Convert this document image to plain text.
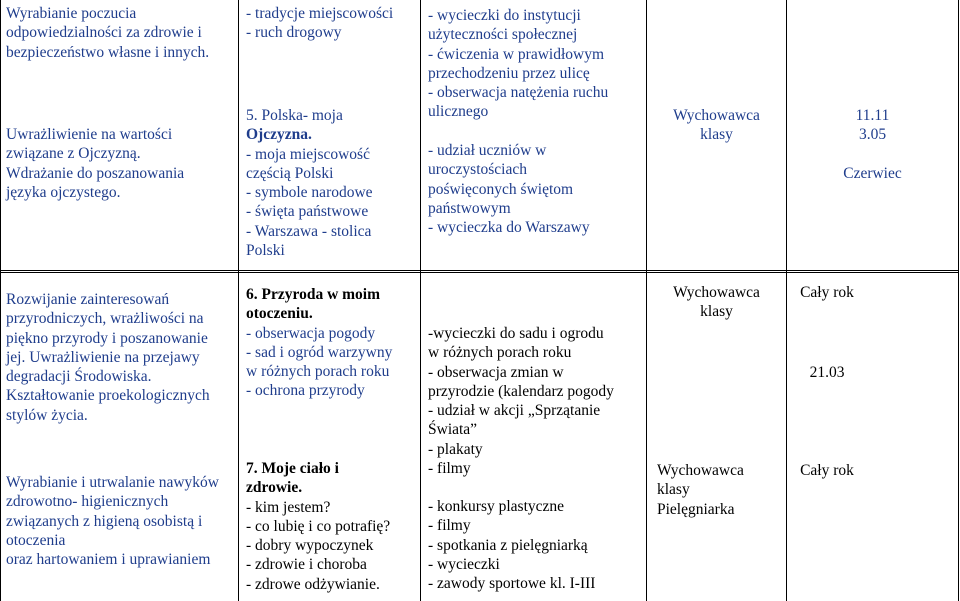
Wyrabianie poczucia
odpowiedzialności za zdrowie i
bezpieczeństwo własne i innych.
Uwrażliwienie na wartości
związane z Ojczyzną.
Wdrażanie do poszanowania
języka ojczystego.
- tradycje miejscowości
- ruch drogowy
5. Polska- moja
Ojczyzna.
- moja miejscowość
częścią Polski
- symbole narodowe
- święta państwowe
- Warszawa - stolica
Polski
- wycieczki do instytucji
użyteczności społecznej
- ćwiczenia w prawidłowym
przechodzeniu przez ulicę
- obserwacja natężenia ruchu
ulicznego
- udział uczniów w
uroczystościach
poświęconych świętom
państwowym
- wycieczka do Warszawy
Wychowawca
klasy
11.11
3.05
Czerwiec
Rozwijanie zainteresowań
przyrodniczych, wrażliwości na
piękno przyrody i poszanowanie
jej. Uwrażliwienie na przejawy
degradacji Środowiska.
Kształtowanie proekologicznych
stylów życia.
Wyrabianie i utrwalanie nawyków
zdrowotno- higienicznych
związanych z higieną osobistą i
otoczenia
oraz hartowaniem i uprawianiem
6. Przyroda w moim
otoczeniu.
- obserwacja pogody
- sad i ogród warzywny
w różnych porach roku
- ochrona przyrody
7. Moje ciało i
zdrowie.
- kim jestem?
- co lubię i co potrafię?
- dobry wypoczynek
- zdrowie i choroba
- zdrowe odżywianie.
-wycieczki do sadu i ogrodu
w różnych porach roku
- obserwacja zmian w
przyrodzie (kalendarz pogody
- udział w akcji „Sprzątanie
Świata”
- plakaty
- filmy
- konkursy plastyczne
- filmy
- spotkania z pielęgniarką
- wycieczki
- zawody sportowe kl. I-III
Wychowawca
klasy
Wychowawca
klasy
Pielęgniarka
Cały rok
21.03
Cały rok
